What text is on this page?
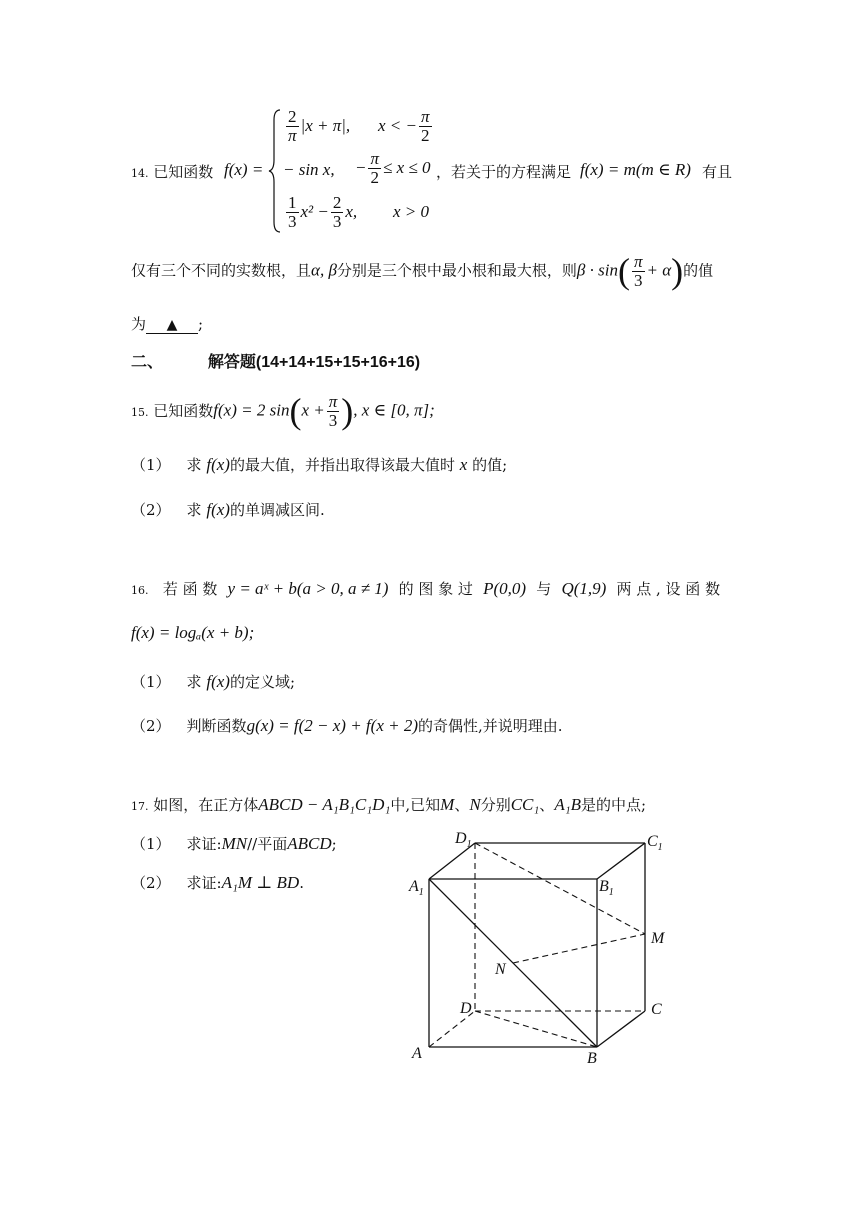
14. 已知函数 f(x) =
$\frac{2}{\pi} |x + \pi|$, x < − $\frac{\pi}{2}$
− sin x, − $\frac{\pi}{2} \le x \le 0$
$\frac{1}{3} x^2 - \frac{2}{3} x$, x > 0
，若关于的方程满足 f(x) = m(m ∈ R) 有且
仅有三个不同的实数根，且α, β分别是三个根中最小根和最大根，则$\beta \cdot \sin( \frac{\pi}{3} + \alpha)$的值
为 ▲ ;
二、	解答题(14+14+15+15+16+16)
15. 已知函数f(x) = 2 $\sin(x + \frac{\pi}{3}$ ), x ∈ [0, π];
（1） 求 f(x)的最大值，并指出取得该最大值时 x 的值;
（2） 求 f(x)的单调减区间.
16. 若 函 数 y = aˣ + b(a > 0, a ≠ 1) 的 图 象 过 P(0,0) 与 Q(1,9) 两 点 , 设 函 数
f(x) = logₐ(x + b);
（1） 求 f(x)的定义域;
（2） 判断函数g(x) = f(2 − x) + f(x + 2)的奇偶性,并说明理由.
17. 如图，在正方体ABCD − A₁B₁C₁D₁中,已知M、N分别CC₁、A₁B是的中点;
（1） 求证:MN//平面ABCD;
（2） 求证:A₁M ⊥ BD.
$D_1$	$C_1$
$A_1$	$B_1$
M
N
D	C
A	B
